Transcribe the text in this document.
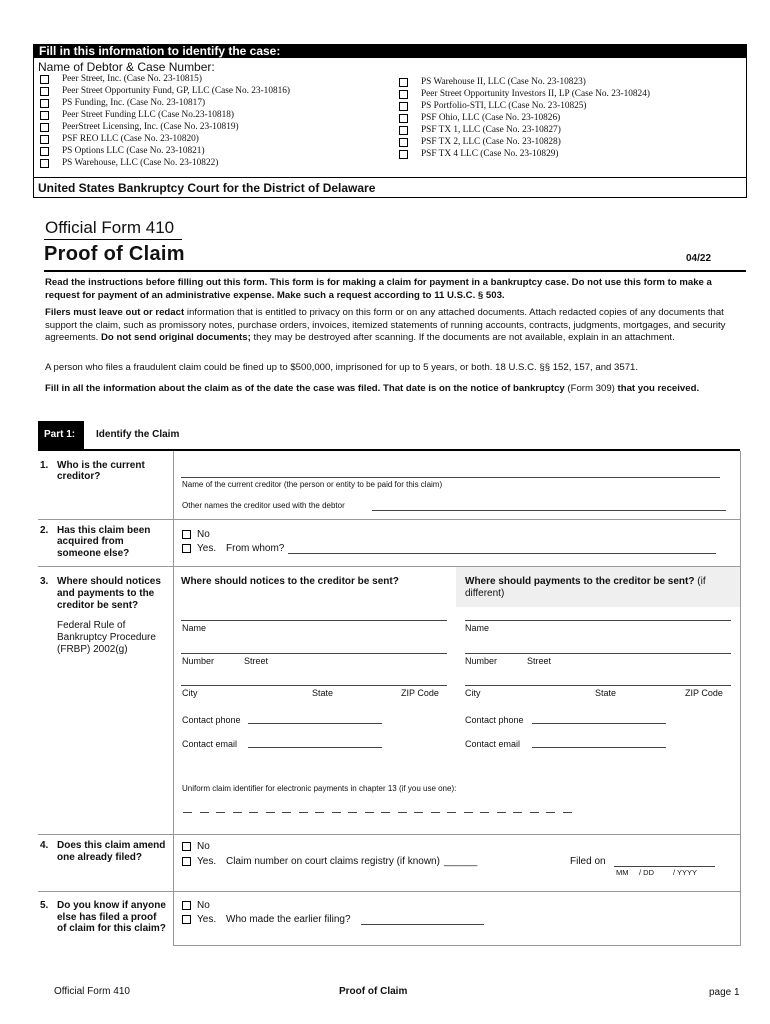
Fill in this information to identify the case:
Name of Debtor & Case Number:
Peer Street, Inc. (Case No. 23-10815)
Peer Street Opportunity Fund, GP, LLC (Case No. 23-10816)
PS Funding, Inc. (Case No. 23-10817)
Peer Street Funding LLC (Case No.23-10818)
PeerStreet Licensing, Inc. (Case No. 23-10819)
PSF REO LLC (Case No. 23-10820)
PS Options LLC (Case No. 23-10821)
PS Warehouse, LLC (Case No. 23-10822)
PS Warehouse II, LLC (Case No. 23-10823)
Peer Street Opportunity Investors II, LP (Case No. 23-10824)
PS Portfolio-STI, LLC (Case No. 23-10825)
PSF Ohio, LLC (Case No. 23-10826)
PSF TX 1, LLC (Case No. 23-10827)
PSF TX 2, LLC (Case No. 23-10828)
PSF TX 4 LLC (Case No. 23-10829)
United States Bankruptcy Court for the District of Delaware
Official Form 410
Proof of Claim	04/22
Read the instructions before filling out this form. This form is for making a claim for payment in a bankruptcy case. Do not use this form to make a request for payment of an administrative expense. Make such a request according to 11 U.S.C. § 503.
Filers must leave out or redact information that is entitled to privacy on this form or on any attached documents. Attach redacted copies of any documents that support the claim, such as promissory notes, purchase orders, invoices, itemized statements of running accounts, contracts, judgments, mortgages, and security agreements. Do not send original documents; they may be destroyed after scanning. If the documents are not available, explain in an attachment.
A person who files a fraudulent claim could be fined up to $500,000, imprisoned for up to 5 years, or both. 18 U.S.C. §§ 152, 157, and 3571.
Fill in all the information about the claim as of the date the case was filed. That date is on the notice of bankruptcy (Form 309) that you received.
Part 1:	Identify the Claim
1. Who is the current
creditor?
Name of the current creditor (the person or entity to be paid for this claim)
Other names the creditor used with the debtor
2. Has this claim been
acquired from
someone else?
No
Yes. From whom?
3. Where should notices
and payments to the
creditor be sent?
Federal Rule of
Bankruptcy Procedure
(FRBP) 2002(g)
Where should notices to the creditor be sent?	Where should payments to the creditor be sent? (if
different)
Name
Number	Street
City	State	ZIP Code
Contact phone
Contact email
Name
Number	Street
City	State	ZIP Code
Contact phone
Contact email
Uniform claim identifier for electronic payments in chapter 13 (if you use one):
4. Does this claim amend
one already filed?
No
Yes. Claim number on court claims registry (if known) ______	Filed on
MM / DD	/ YYYY
5. Do you know if anyone
else has filed a proof
of claim for this claim?
No
Yes. Who made the earlier filing?
Official Form 410	Proof of Claim	page 1
